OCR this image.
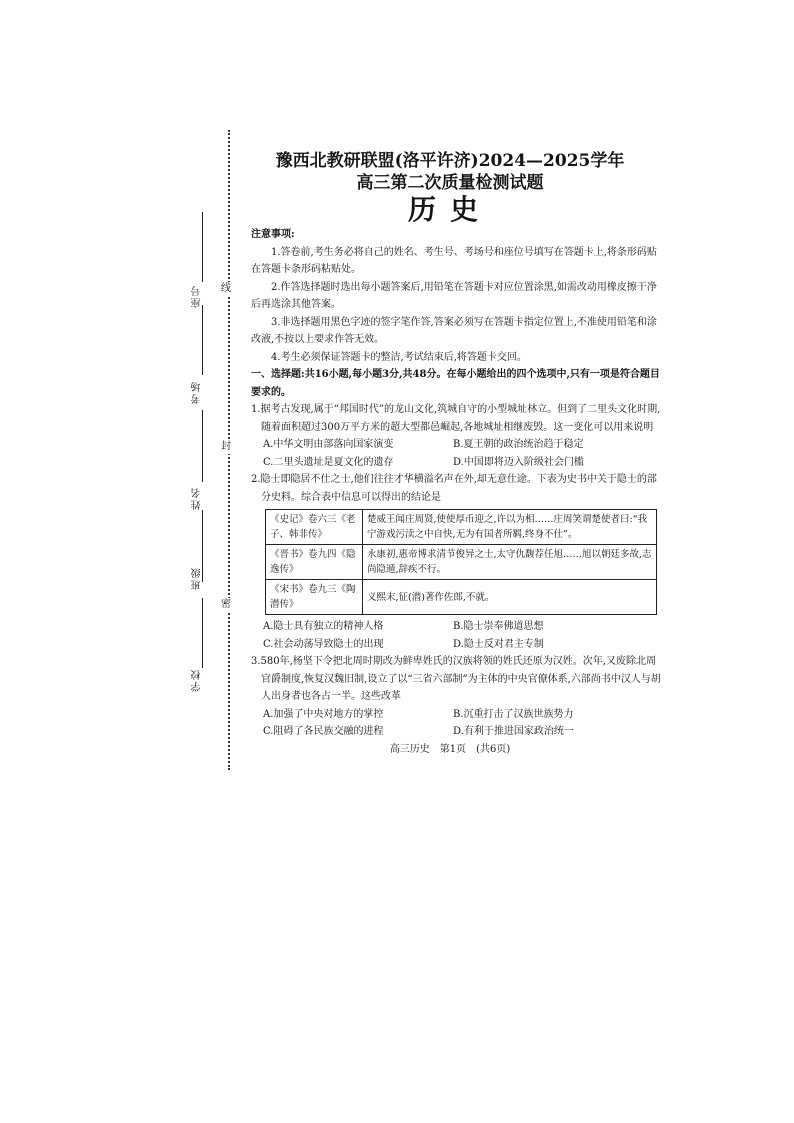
线
封
密
座号
考场
姓名
班级
学校
豫西北教研联盟(洛平许济)2024—2025学年
高三第二次质量检测试题
历史

注意事项:

1.答卷前,考生务必将自己的姓名、考生号、考场号和座位号填写在答题卡上,将条形码贴在答题卡条形码粘贴处。

2.作答选择题时选出每小题答案后,用铅笔在答题卡对应位置涂黑,如需改动用橡皮擦干净后再选涂其他答案。

3.非选择题用黑色字迹的签字笔作答,答案必须写在答题卡指定位置上,不准使用铅笔和涂改液,不按以上要求作答无效。

4.考生必须保证答题卡的整洁,考试结束后,将答题卡交回。

一、选择题:共16小题,每小题3分,共48分。在每小题给出的四个选项中,只有一项是符合题目要求的。

1.据考古发现,属于“邦国时代”的龙山文化,筑城自守的小型城址林立。但到了二里头文化时期,随着面积超过300万平方米的超大型都邑崛起,各地城址相继废毁。这一变化可以用来说明

A.中华文明由部落向国家演变	B.夏王朝的政治统治趋于稳定
C.二里头遗址是夏文化的遗存	D.中国即将迈入阶级社会门槛

2.隐士即隐居不仕之士,他们往往才华横溢名声在外,却无意仕途。下表为史书中关于隐士的部分史料。综合表中信息可以得出的结论是

《史记》卷六三《老子、韩非传》	楚威王闻庄周贤,使使厚币迎之,许以为相……庄周笑谓楚使者曰:“我宁游戏污渎之中自快,无为有国者所羁,终身不仕”。
《晋书》卷九四《隐逸传》	永康初,惠帝博求清节俊异之士,太守仇馥荐任旭……旭以朝廷多故,志尚隐遁,辞疾不行。
《宋书》卷九三《陶潜传》	义熙末,征(潜)著作佐郎,不就。
A.隐士具有独立的精神人格	B.隐士崇奉佛道思想
C.社会动荡导致隐士的出现	D.隐士反对君主专制

3.580年,杨坚下令把北周时期改为鲜卑姓氏的汉族将领的姓氏还原为汉姓。次年,又废除北周官爵制度,恢复汉魏旧制,设立了以“三省六部制”为主体的中央官僚体系,六部尚书中汉人与胡人出身者也各占一半。这些改革

A.加强了中央对地方的掌控	B.沉重打击了汉族世族势力
C.阻碍了各民族交融的进程	D.有利于推进国家政治统一
高三历史　第1页　(共6页)
